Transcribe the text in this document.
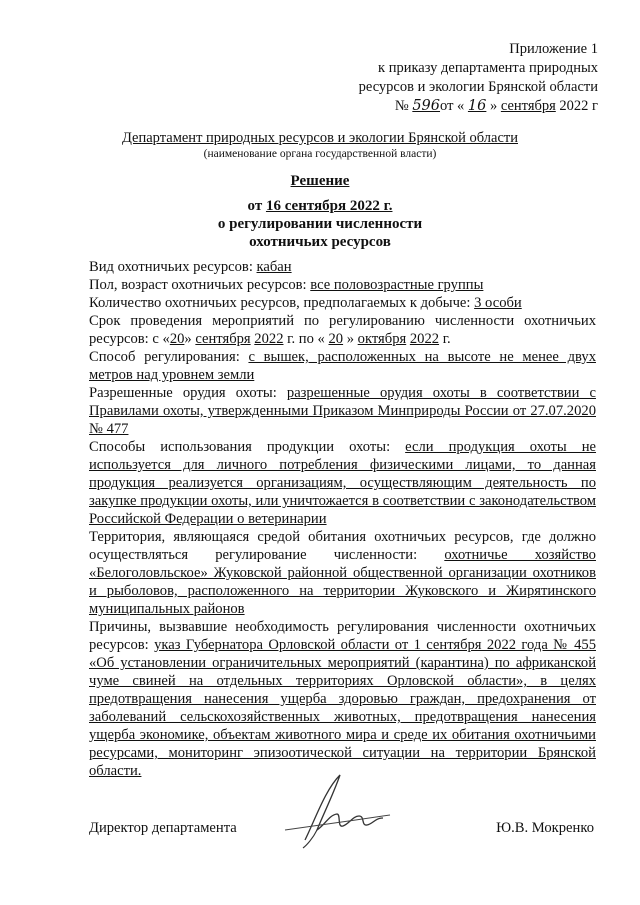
Приложение 1
к приказу департамента природных
ресурсов и экологии Брянской области
№ 596от « 16 » сентября 2022 г
Департамент природных ресурсов и экологии Брянской области
(наименование органа государственной власти)
Решение
от 16 сентября 2022 г.
о регулировании численности
охотничьих ресурсов

Вид охотничьих ресурсов: кабан

Пол, возраст охотничьих ресурсов: все половозрастные группы

Количество охотничьих ресурсов, предполагаемых к добыче: 3 особи

Срок проведения мероприятий по регулированию численности охотничьих ресурсов: с «20» сентября 2022 г. по « 20 » октября 2022 г.

Способ регулирования: с вышек, расположенных на высоте не менее двух метров над уровнем земли

Разрешенные орудия охоты: разрешенные орудия охоты в соответствии с Правилами охоты, утвержденными Приказом Минприроды России от 27.07.2020 № 477

Способы использования продукции охоты: если продукция охоты не используется для личного потребления физическими лицами, то данная продукция реализуется организациям, осуществляющим деятельность по закупке продукции охоты, или уничтожается в соответствии с законодательством Российской Федерации о ветеринарии

Территория, являющаяся средой обитания охотничьих ресурсов, где должно осуществляться регулирование численности: охотничье хозяйство «Белоголовльское» Жуковской районной общественной организации охотников и рыболовов, расположенного на территории Жуковского и Жирятинского муниципальных районов

Причины, вызвавшие необходимость регулирования численности охотничьих ресурсов: указ Губернатора Орловской области от 1 сентября 2022 года № 455 «Об установлении ограничительных мероприятий (карантина) по африканской чуме свиней на отдельных территориях Орловской области», в целях предотвращения нанесения ущерба здоровью граждан, предохранения от заболеваний сельскохозяйственных животных, предотвращения нанесения ущерба экономике, объектам животного мира и среде их обитания охотничьими ресурсами, мониторинг эпизоотической ситуации на территории Брянской области.

Директор департамента	Ю.В. Мокренко
